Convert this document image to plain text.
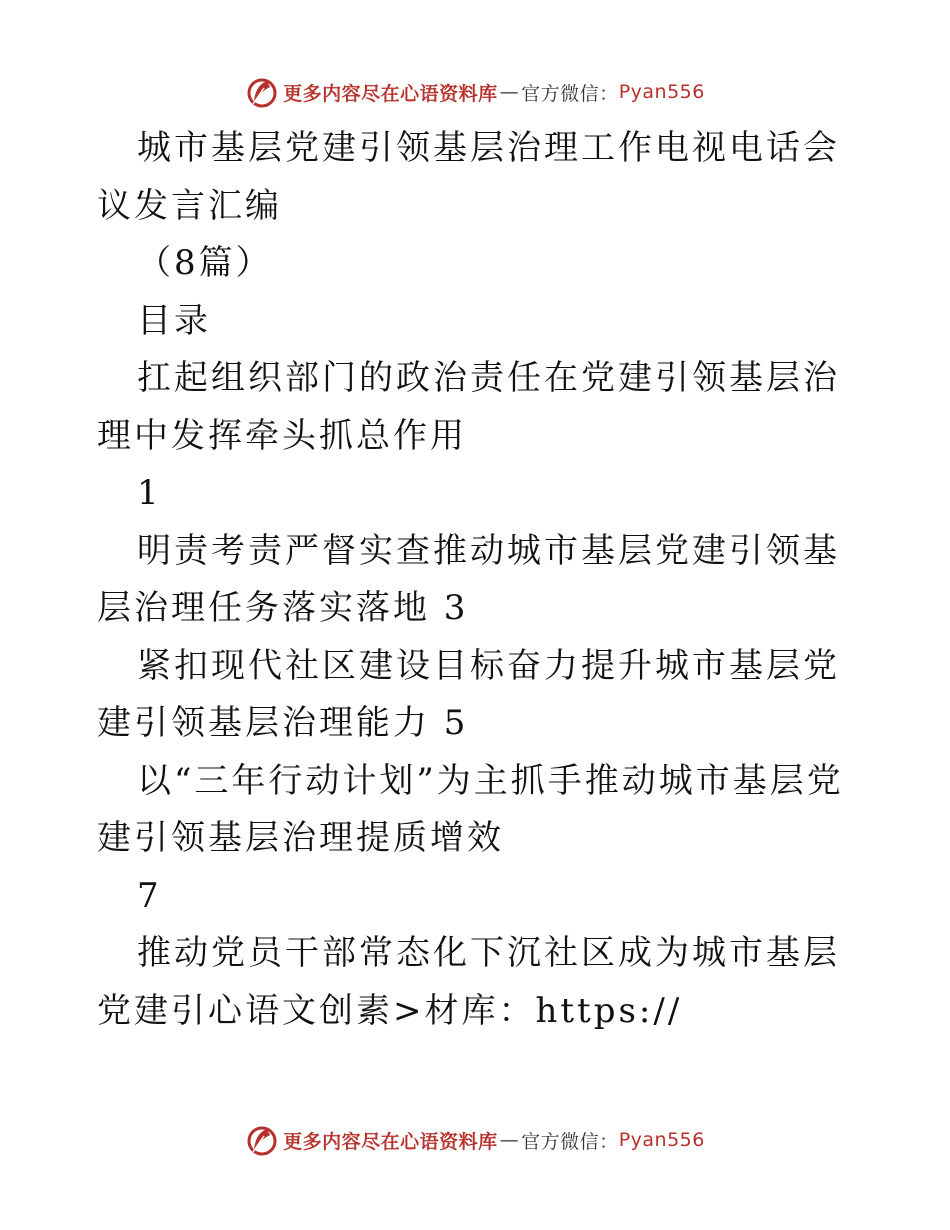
更多内容尽在心语资料库 — 官方微信： Pyan556

城市基层党建引领基层治理工作电视电话会议发言汇编

（8篇）

目录

扛起组织部门的政治责任在党建引领基层治理中发挥牵头抓总作用

1

明责考责严督实查推动城市基层党建引领基层治理任务落实落地 3

紧扣现代社区建设目标奋力提升城市基层党建引领基层治理能力 5

以“三年行动计划”为主抓手推动城市基层党建引领基层治理提质增效

7

推动党员干部常态化下沉社区成为城市基层党建引心语文创素>材库：https://

更多内容尽在心语资料库 — 官方微信： Pyan556
